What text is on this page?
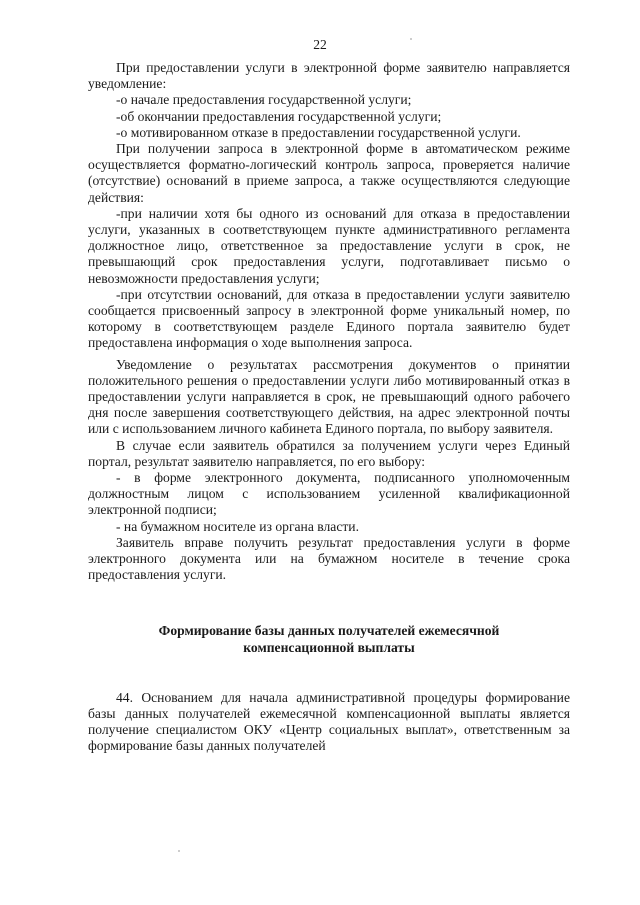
22

При предоставлении услуги в электронной форме заявителю направляется уведомление:

-о начале предоставления государственной услуги;

-об окончании предоставления государственной услуги;

-о мотивированном отказе в предоставлении государственной услуги.

При получении запроса в электронной форме в автоматическом режиме осуществляется форматно-логический контроль запроса, проверяется наличие (отсутствие) оснований в приеме запроса, а также осуществляются следующие действия:

-при наличии хотя бы одного из оснований для отказа в предоставлении услуги, указанных в соответствующем пункте административного регламента должностное лицо, ответственное за предоставление услуги в срок, не превышающий срок предоставления услуги, подготавливает письмо о невозможности предоставления услуги;

-при отсутствии оснований, для отказа в предоставлении услуги заявителю сообщается присвоенный запросу в электронной форме уникальный номер, по которому в соответствующем разделе Единого портала заявителю будет предоставлена информация о ходе выполнения запроса.

Уведомление о результатах рассмотрения документов о принятии положительного решения о предоставлении услуги либо мотивированный отказ в предоставлении услуги направляется в срок, не превышающий одного рабочего дня после завершения соответствующего действия, на адрес электронной почты или с использованием личного кабинета Единого портала, по выбору заявителя.

В случае если заявитель обратился за получением услуги через Единый портал, результат заявителю направляется, по его выбору:

- в форме электронного документа, подписанного уполномоченным должностным лицом с использованием усиленной квалификационной электронной подписи;

- на бумажном носителе из органа власти.

Заявитель вправе получить результат предоставления услуги в форме электронного документа или на бумажном носителе в течение срока предоставления услуги.

Формирование базы данных получателей ежемесячной
компенсационной выплаты

44. Основанием для начала административной процедуры формирование базы данных получателей ежемесячной компенсационной выплаты является получение специалистом ОКУ «Центр социальных выплат», ответственным за формирование базы данных получателей
